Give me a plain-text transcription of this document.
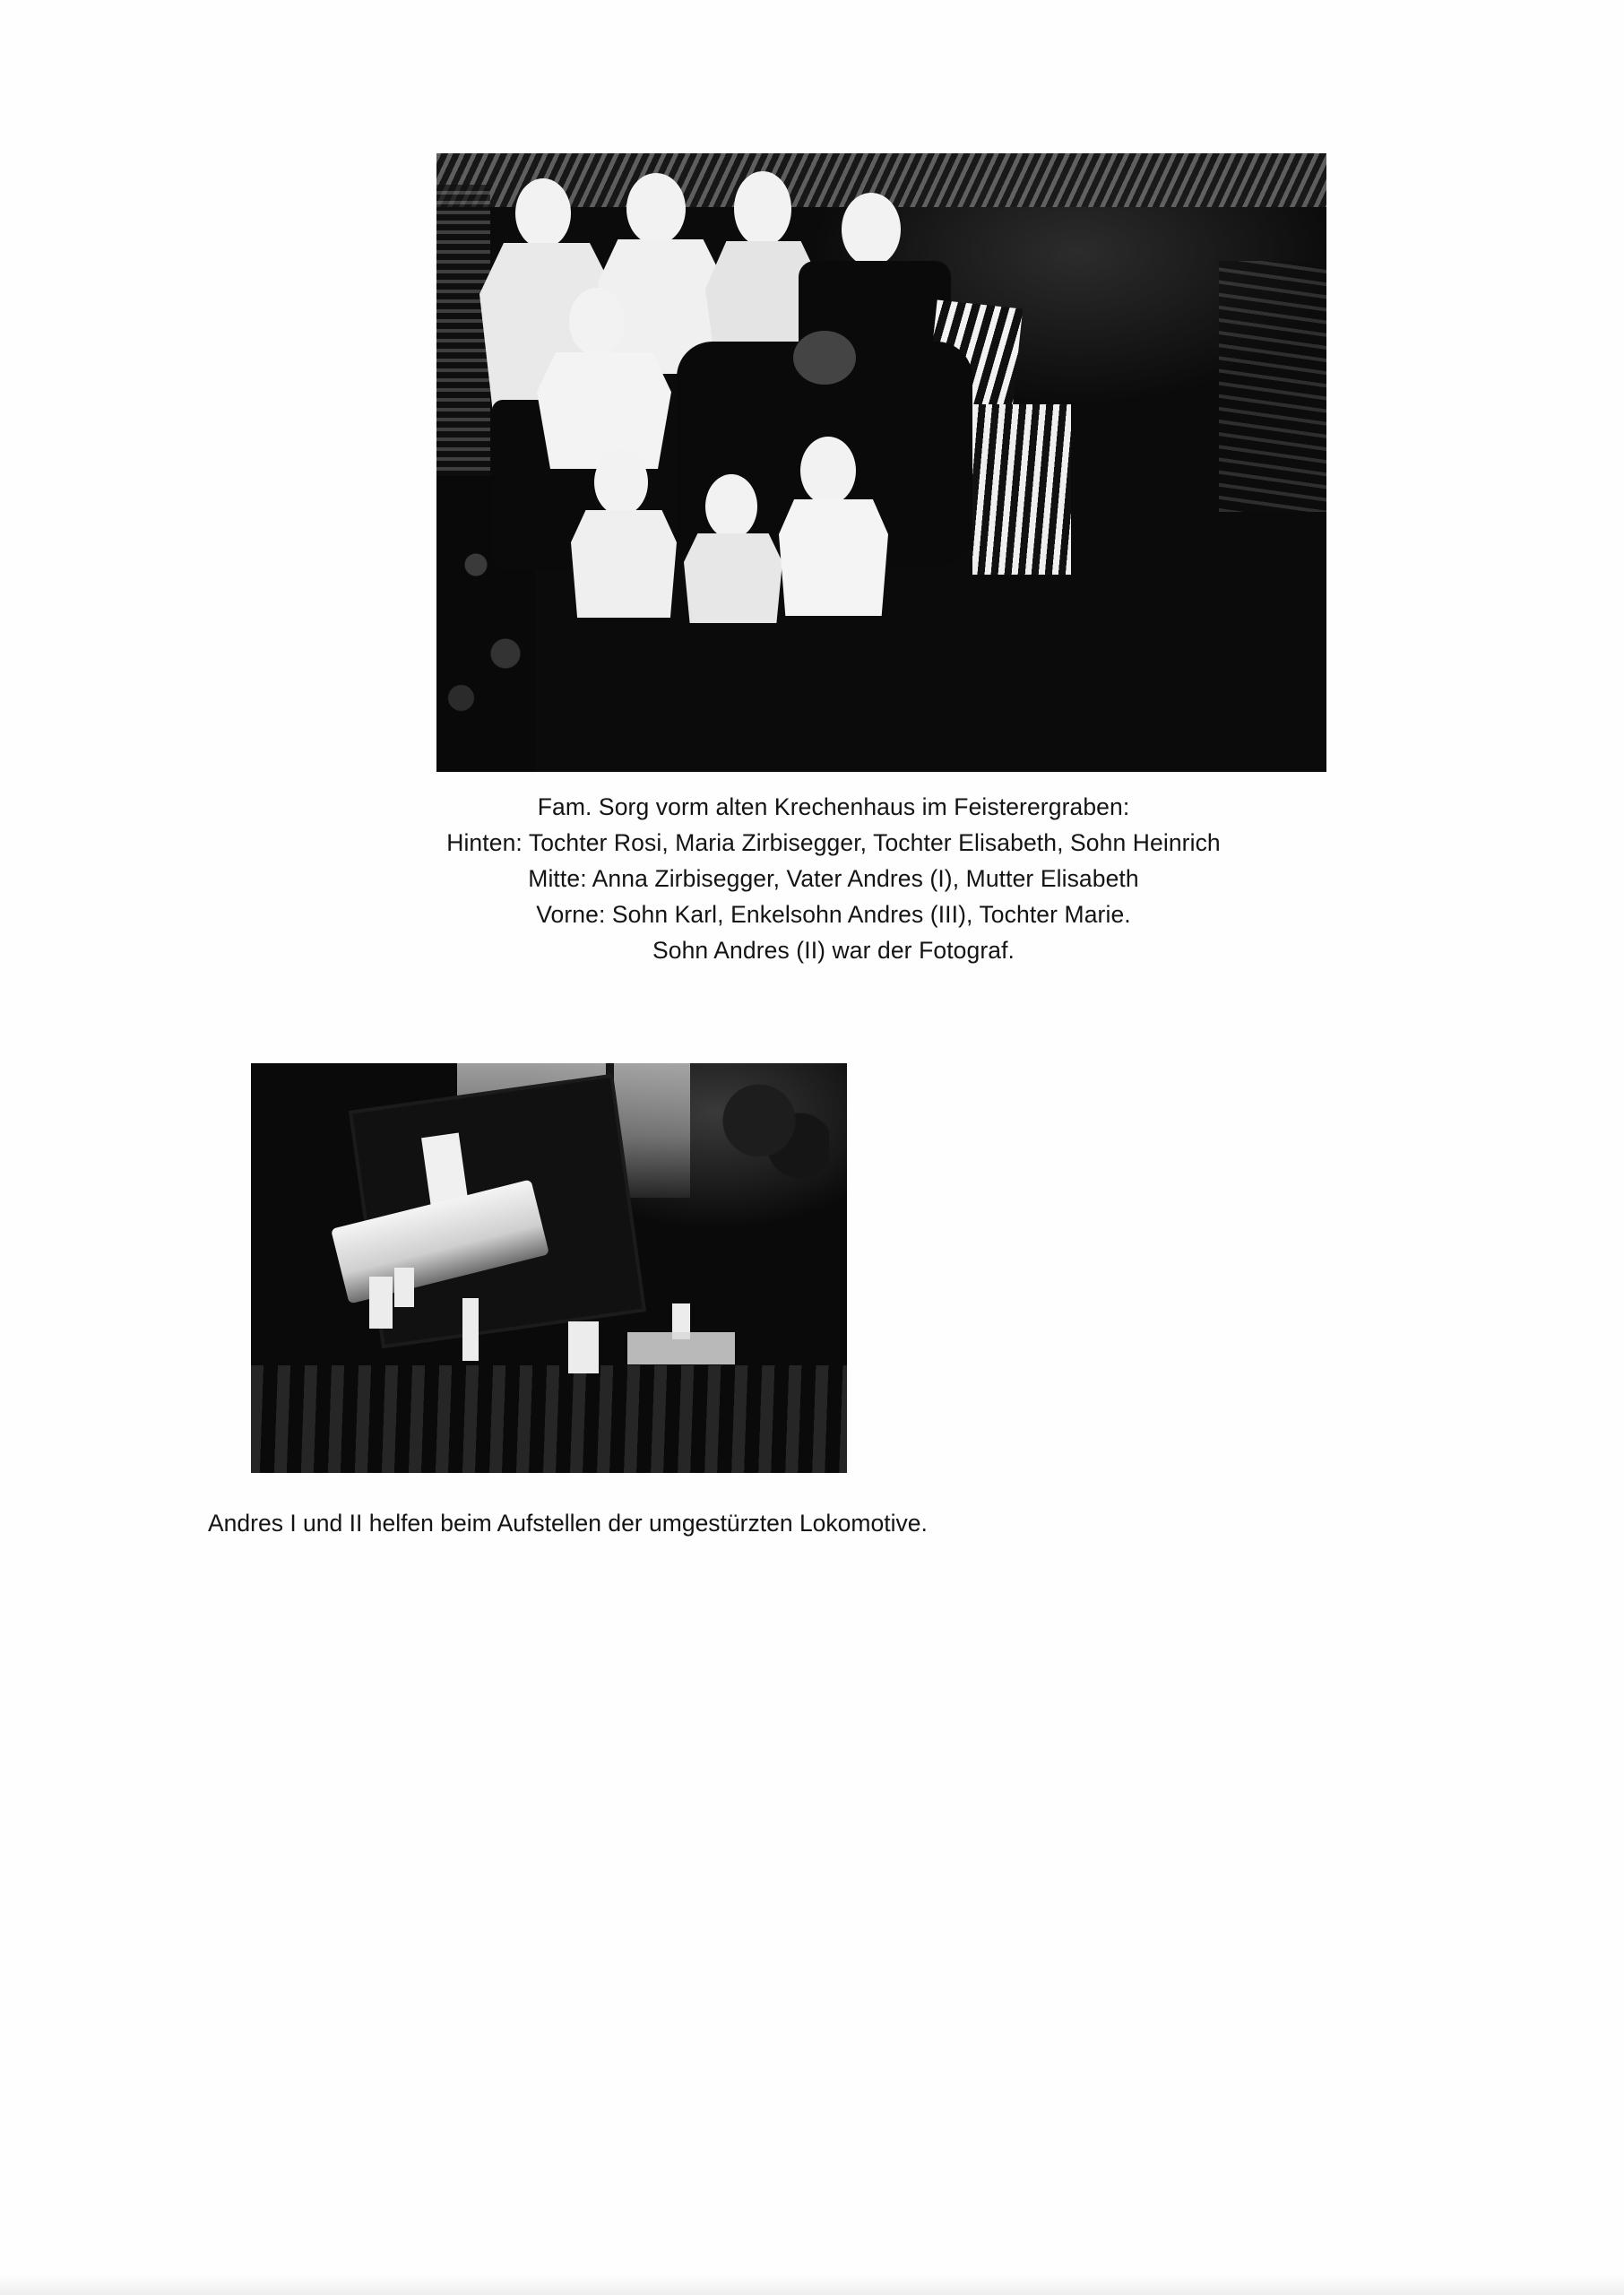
Fam. Sorg vorm alten Krechenhaus im Feisterergraben:
Hinten: Tochter Rosi, Maria Zirbisegger, Tochter Elisabeth, Sohn Heinrich
Mitte: Anna Zirbisegger, Vater Andres (I), Mutter Elisabeth
Vorne: Sohn Karl, Enkelsohn Andres (III), Tochter Marie.
Sohn Andres (II) war der Fotograf.
Andres I und II helfen beim Aufstellen der umgestürzten Lokomotive.
